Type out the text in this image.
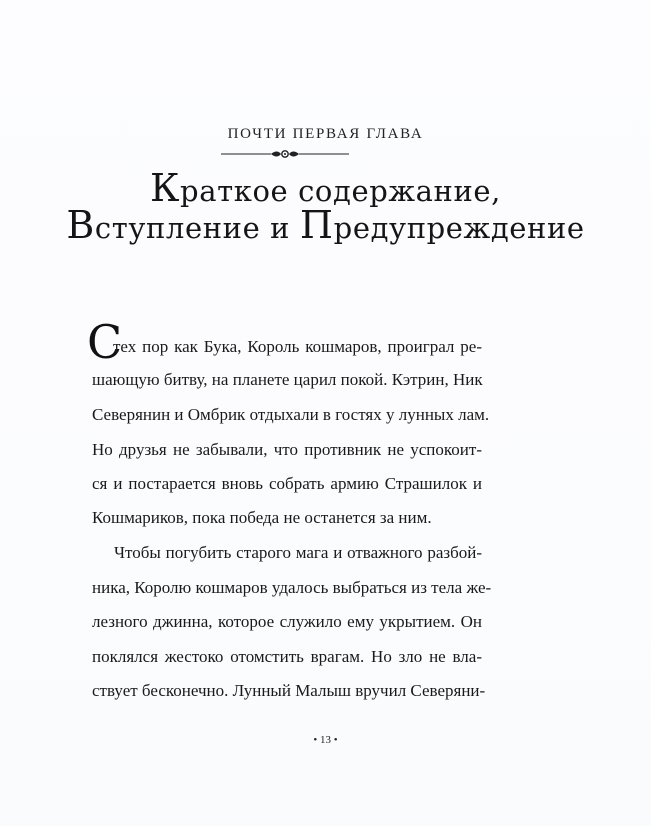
ПОЧТИ ПЕРВАЯ ГЛАВА
Краткое содержание,
Вступление и Предупреждение
С
тех пор как Бука, Король кошмаров, проиграл ре-
шающую битву, на планете царил покой. Кэтрин, Ник
Северянин и Омбрик отдыхали в гостях у лунных лам.
Но друзья не забывали, что противник не успокоит-
ся и постарается вновь собрать армию Страшилок и
Кошмариков, пока победа не останется за ним.
Чтобы погубить старого мага и отважного разбой-
ника, Королю кошмаров удалось выбраться из тела же-
лезного джинна, которое служило ему укрытием. Он
поклялся жестоко отомстить врагам. Но зло не вла-
ствует бесконечно. Лунный Малыш вручил Северяни-
• 13 •
